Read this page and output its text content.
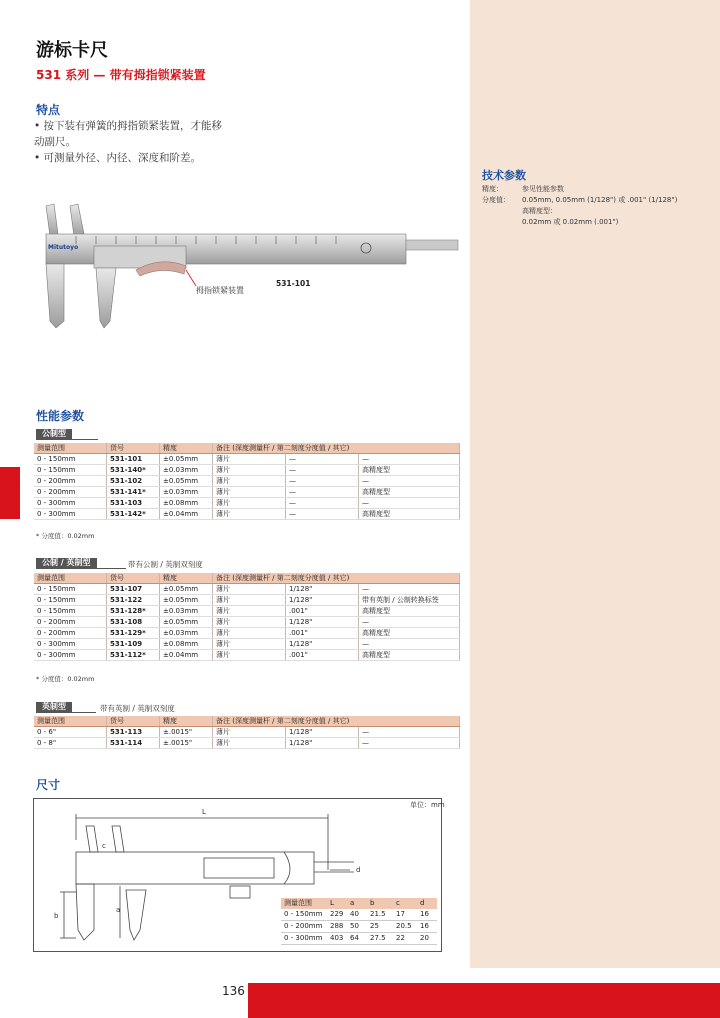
136
游标卡尺
531 系列 — 带有拇指锁紧装置
特点
• 按下装有弹簧的拇指锁紧装置，才能移
动副尺。
• 可测量外径、内径、深度和阶差。
技术参数
精度：	参见性能参数
分度值：	0.05mm, 0.05mm (1/128") 或 .001" (1/128")
高精度型：
0.02mm 或 0.02mm (.001")
Mitutoyo
拇指锁紧装置
531-101
性能参数
公制型
测量范围	货号	精度	备注 (深度测量杆 / 第二刻度分度值 / 其它)		
0 - 150mm	531-101	±0.05mm	薄片	—	—
0 - 150mm	531-140*	±0.03mm	薄片	—	高精度型
0 - 200mm	531-102	±0.05mm	薄片	—	—
0 - 200mm	531-141*	±0.03mm	薄片	—	高精度型
0 - 300mm	531-103	±0.08mm	薄片	—	—
0 - 300mm	531-142*	±0.04mm	薄片	—	高精度型
* 分度值：0.02mm
公制 / 英制型	带有公制 / 英制双刻度
测量范围	货号	精度	备注 (深度测量杆 / 第二刻度分度值 / 其它)		
0 - 150mm	531-107	±0.05mm	薄片	1/128"	—
0 - 150mm	531-122	±0.05mm	薄片	1/128"	带有英制 / 公制转换标签
0 - 150mm	531-128*	±0.03mm	薄片	.001"	高精度型
0 - 200mm	531-108	±0.05mm	薄片	1/128"	—
0 - 200mm	531-129*	±0.03mm	薄片	.001"	高精度型
0 - 300mm	531-109	±0.08mm	薄片	1/128"	—
0 - 300mm	531-112*	±0.04mm	薄片	.001"	高精度型
* 分度值：0.02mm
英制型	带有英制 / 英制双刻度
测量范围	货号	精度	备注 (深度测量杆 / 第二刻度分度值 / 其它)		
0 - 6"	531-113	±.0015"	薄片	1/128"	—
0 - 8"	531-114	±.0015"	薄片	1/128"	—
尺寸
单位：mm
L
a
b
c
d
测量范围	L	a	b	c	d
0 - 150mm	229	40	21.5	17	16
0 - 200mm	288	50	25	20.5	16
0 - 300mm	403	64	27.5	22	20
